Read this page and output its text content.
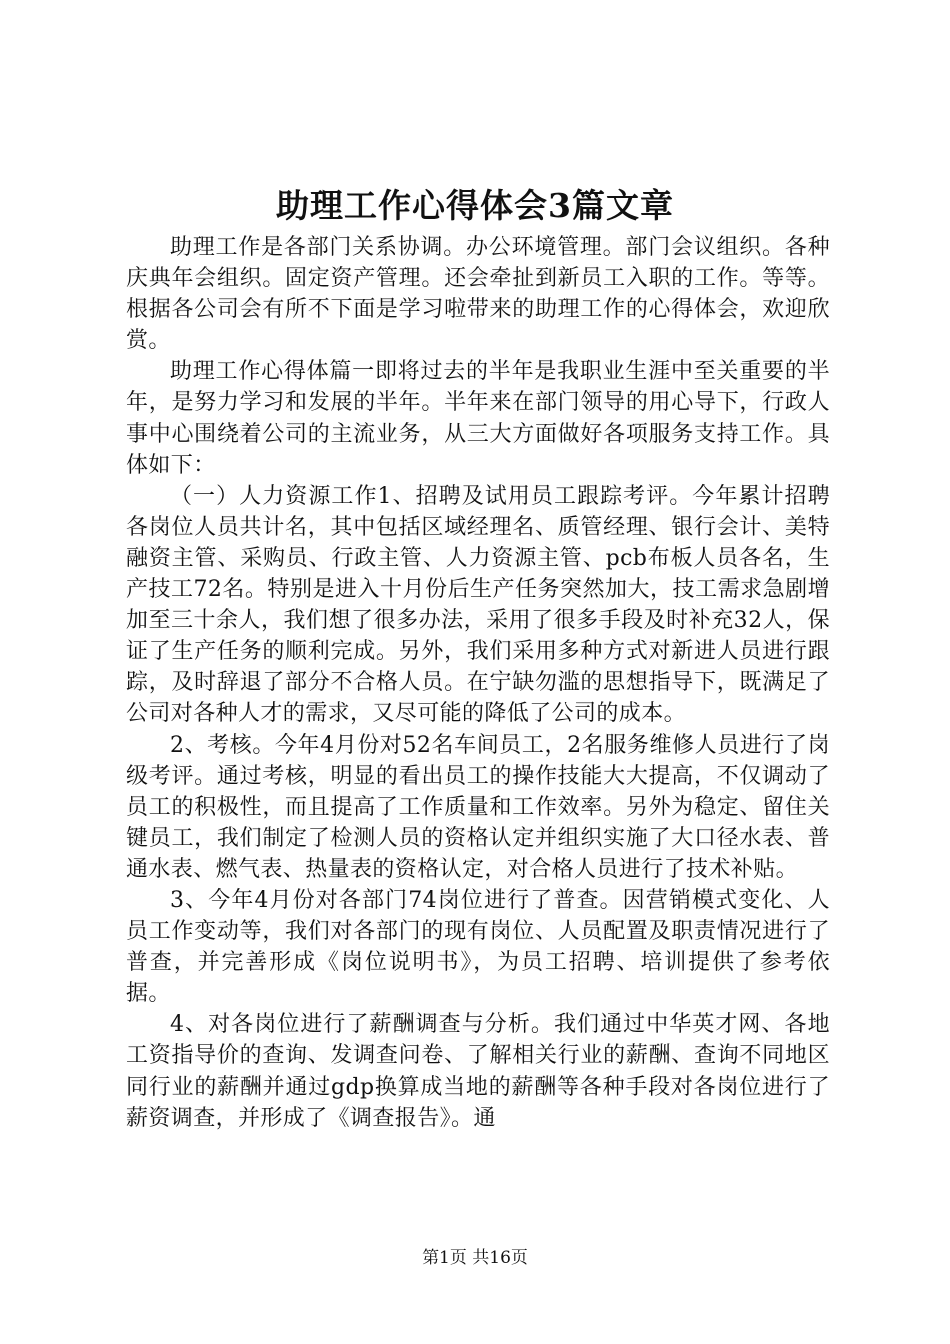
助理工作心得体会3篇文章

助理工作是各部门关系协调。办公环境管理。部门会议组织。各种庆典年会组织。固定资产管理。还会牵扯到新员工入职的工作。等等。根据各公司会有所不下面是学习啦带来的助理工作的心得体会，欢迎欣赏。

助理工作心得体篇一即将过去的半年是我职业生涯中至关重要的半年，是努力学习和发展的半年。半年来在部门领导的用心导下，行政人事中心围绕着公司的主流业务，从三大方面做好各项服务支持工作。具体如下：

（一）人力资源工作1、招聘及试用员工跟踪考评。今年累计招聘各岗位人员共计名，其中包括区域经理名、质管经理、银行会计、美特融资主管、采购员、行政主管、人力资源主管、pcb布板人员各名，生产技工72名。特别是进入十月份后生产任务突然加大，技工需求急剧增加至三十余人，我们想了很多办法，采用了很多手段及时补充32人，保证了生产任务的顺利完成。另外，我们采用多种方式对新进人员进行跟踪，及时辞退了部分不合格人员。在宁缺勿滥的思想指导下，既满足了公司对各种人才的需求，又尽可能的降低了公司的成本。

2、考核。今年4月份对52名车间员工，2名服务维修人员进行了岗级考评。通过考核，明显的看出员工的操作技能大大提高，不仅调动了员工的积极性，而且提高了工作质量和工作效率。另外为稳定、留住关键员工，我们制定了检测人员的资格认定并组织实施了大口径水表、普通水表、燃气表、热量表的资格认定，对合格人员进行了技术补贴。

3、今年4月份对各部门74岗位进行了普查。因营销模式变化、人员工作变动等，我们对各部门的现有岗位、人员配置及职责情况进行了普查，并完善形成《岗位说明书》，为员工招聘、培训提供了参考依据。

4、对各岗位进行了薪酬调查与分析。我们通过中华英才网、各地工资指导价的查询、发调查问卷、了解相关行业的薪酬、查询不同地区同行业的薪酬并通过gdp换算成当地的薪酬等各种手段对各岗位进行了薪资调查，并形成了《调查报告》。通

第1页 共16页
